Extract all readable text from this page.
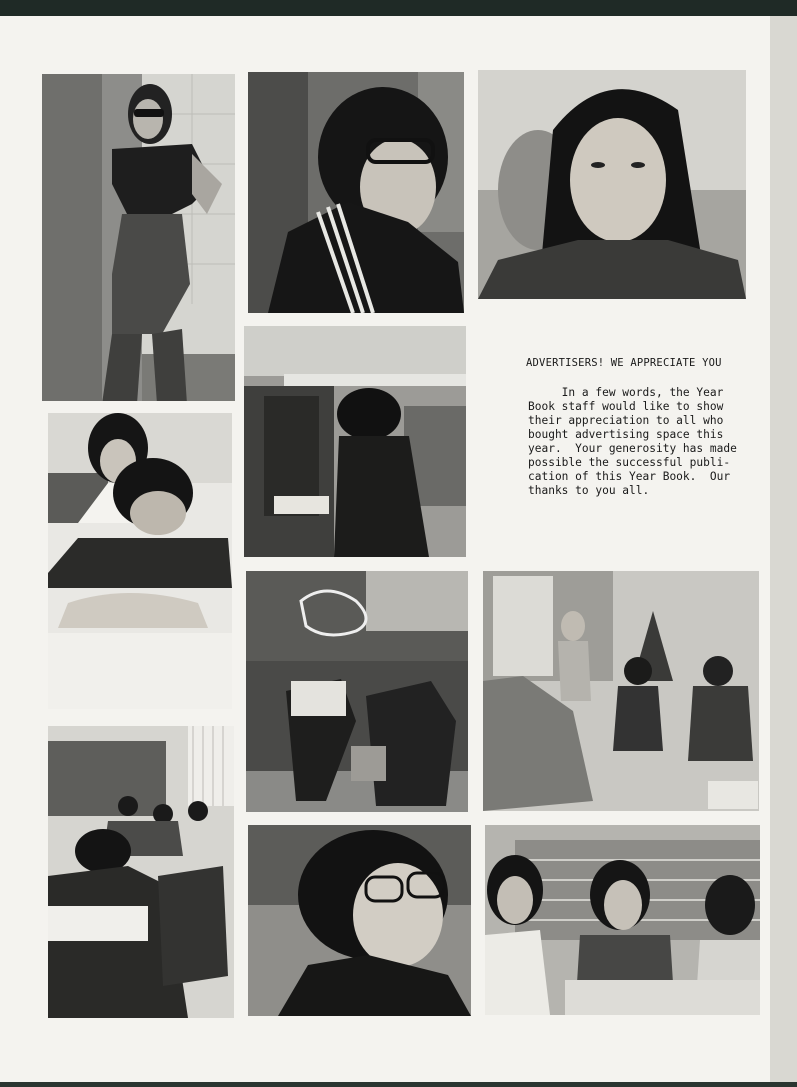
ADVERTISERS! WE APPRECIATE YOU

In a few words, the Year
Book staff would like to show
their appreciation to all who
bought advertising space this
year.  Your generosity has made
possible the successful publi-
cation of this Year Book.  Our
thanks to you all.
